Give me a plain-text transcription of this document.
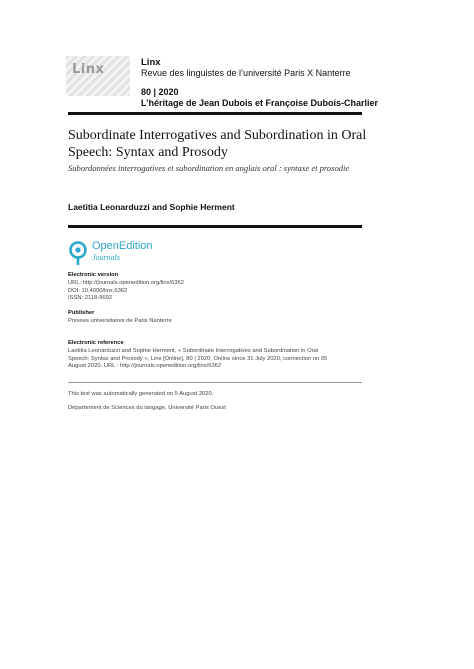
Linx	Linx
Revue des linguistes de l’université Paris X Nanterre
80 | 2020
L’héritage de Jean Dubois et Françoise Dubois-Charlier
Subordinate Interrogatives and Subordination in Oral Speech: Syntax and Prosody
Subordonnées interrogatives et subordination en anglais oral : syntaxe et prosodie
Laetitia Leonarduzzi and Sophie Herment
OpenEdition
Journals
Electronic version
URL: http://journals.openedition.org/linx/6362
DOI: 10.4000/linx.6362
ISSN: 2118-9692
Publisher
Presses universitaires de Paris Nanterre
Electronic reference
Laetitia Leonarduzzi and Sophie Herment, « Subordinate Interrogatives and Subordination in Oral
Speech: Syntax and Prosody », Linx [Online], 80 | 2020, Online since 31 July 2020, connection on 05
August 2020. URL : http://journals.openedition.org/linx/6362
This text was automatically generated on 5 August 2020.
Département de Sciences du langage, Université Paris Ouest
